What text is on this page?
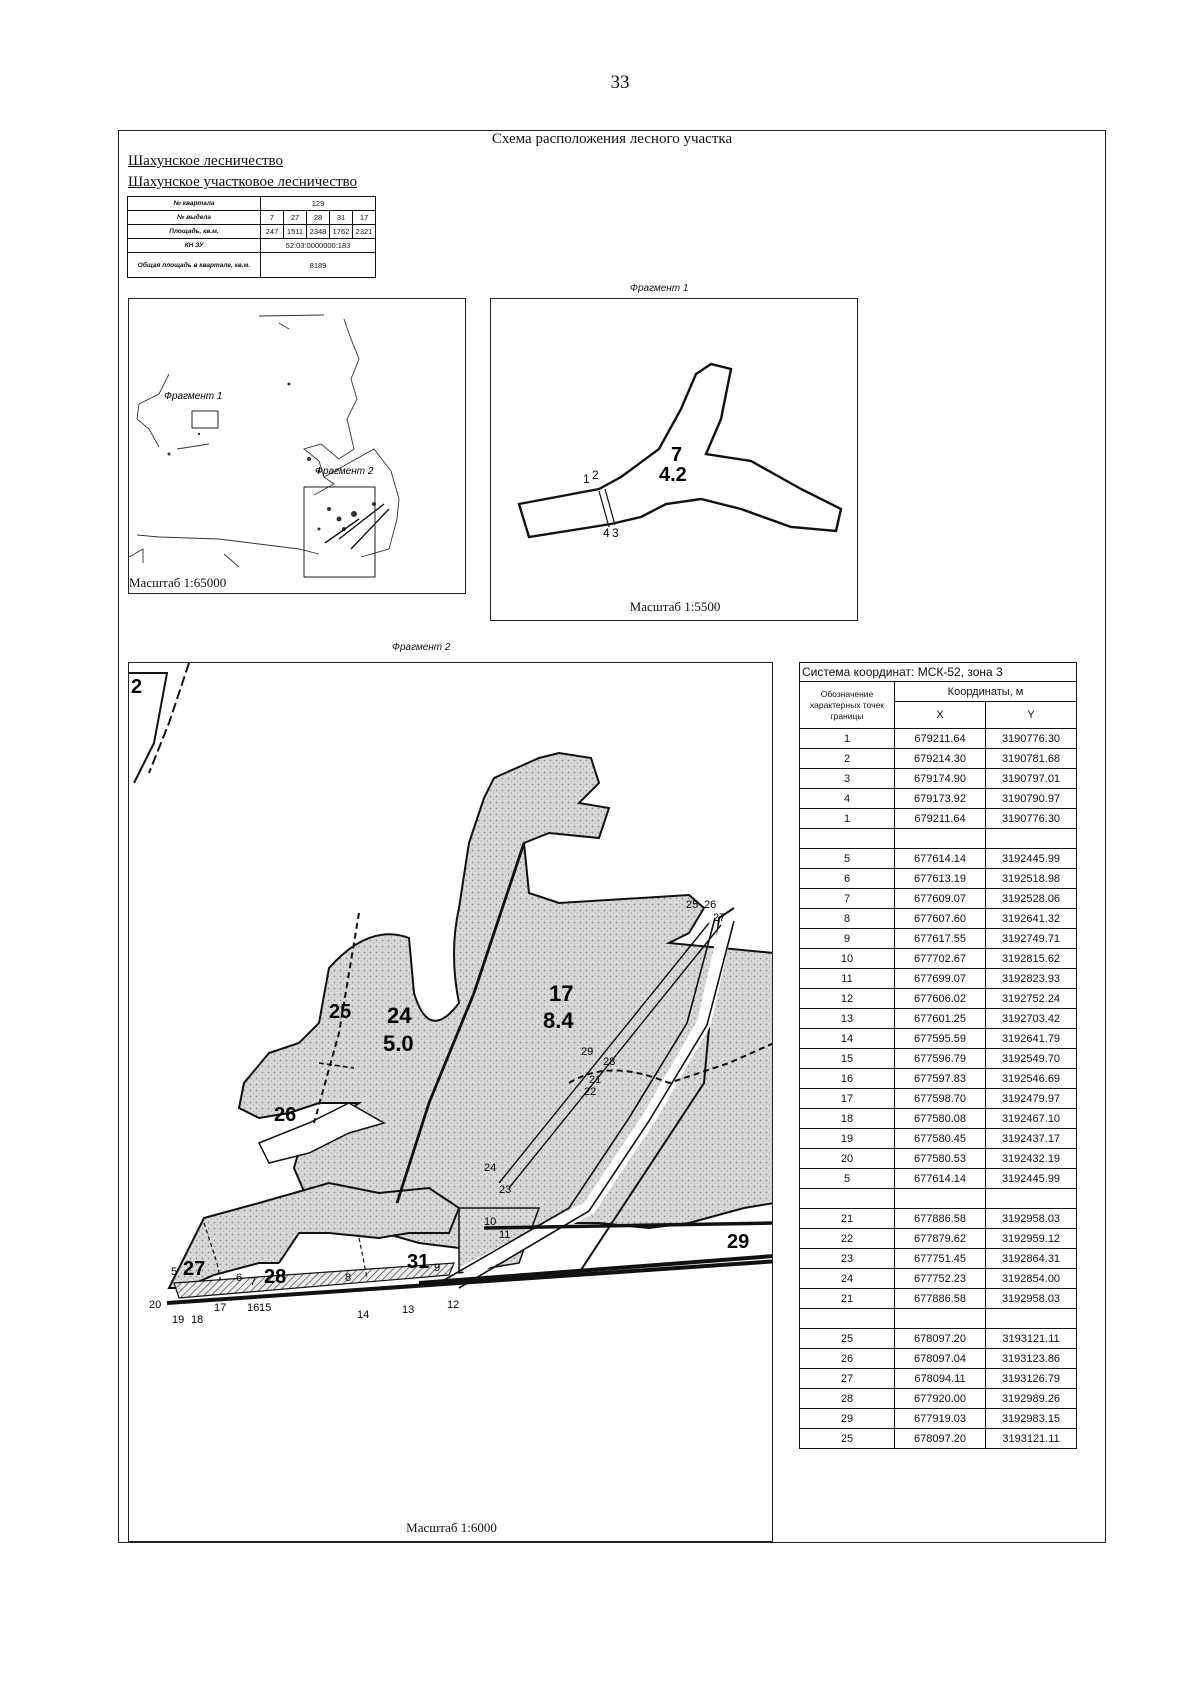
33
Схема расположения лесного участка
Шахунское лесничество
Шахунское участковое лесничество
№ квартала	129				
№ выдела	7	27	28	31	17
Площадь, кв.м.	247	1511	2348	1762	2321
КН ЗУ	52:03:0000000:183				
Общая площадь в квартале, кв.м.	8189				
Фрагмент 1
Фрагмент 2
Масштаб 1:65000
Фрагмент 1
7
4.2
1 2
3
4
Масштаб 1:5500
Фрагмент 2
2
24
5.0
17
8.4
25
26
27	28
29
31
5	6 7	8
9
10
11
12
13
14
15
16
17
18
19
20
21
22
23
24
25 26
27
28
29
Масштаб 1:6000
Система координат: МСК-52, зона 3		
Обозначение характерных точек границы	Координаты, м	
	X	Y
1	679211.64	3190776.30
2	679214.30	3190781.68
3	679174.90	3190797.01
4	679173.92	3190790.97
1	679211.64	3190776.30

5	677614.14	3192445.99
6	677613.19	3192518.98
7	677609.07	3192528.06
8	677607.60	3192641.32
9	677617.55	3192749.71
10	677702.67	3192815.62
11	677699.07	3192823.93
12	677606.02	3192752.24
13	677601.25	3192703.42
14	677595.59	3192641.79
15	677596.79	3192549.70
16	677597.83	3192546.69
17	677598.70	3192479.97
18	677580.08	3192467.10
19	677580.45	3192437.17
20	677580.53	3192432.19
5	677614.14	3192445.99

21	677886.58	3192958.03
22	677879.62	3192959.12
23	677751.45	3192864.31
24	677752.23	3192854.00
21	677886.58	3192958.03

25	678097.20	3193121.11
26	678097.04	3193123.86
27	678094.11	3193126.79
28	677920.00	3192989.26
29	677919.03	3192983.15
25	678097.20	3193121.11
